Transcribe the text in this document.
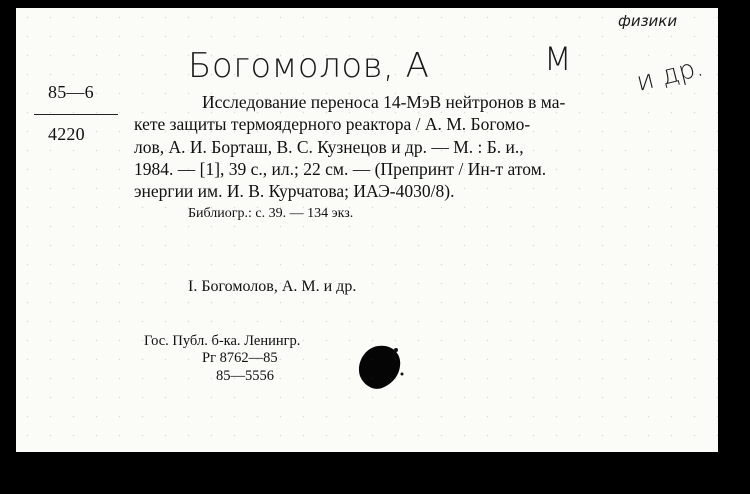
физики
Богомолов, А	М и др.
85—6
4220
Исследование переноса 14-МэВ нейтронов в ма-
кете защиты термоядерного реактора / А. М. Богомо-
лов, А. И. Борташ, В. С. Кузнецов и др. — М. : Б. и.,
1984. — [1], 39 с., ил.; 22 см. — (Препринт / Ин-т атом.
энергии им. И. В. Курчатова; ИАЭ-4030/8).
Библиогр.: с. 39. — 134 экз.
I. Богомолов, А. М. и др.
Гос. Публ. б-ка. Ленингр.
Рг 8762—85
85—5556
